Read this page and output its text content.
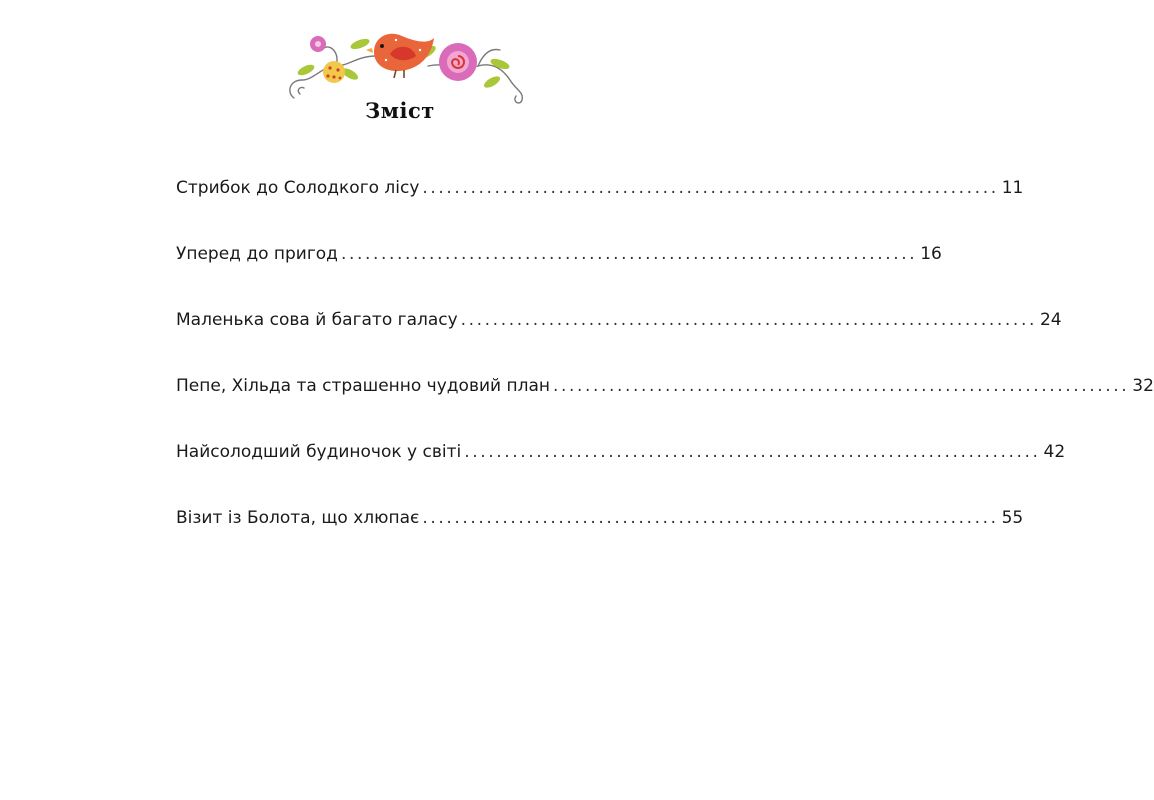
Зміст
Стрибок до Солодкого лісу ........................................................................ 11
Уперед до пригод ........................................................................ 16
Маленька сова й багато галасу ........................................................................ 24
Пепе, Хільда та страшенно чудовий план ........................................................................ 32
Найсолодший будиночок у світі ........................................................................ 42
Візит із Болота, що хлюпає ........................................................................ 55
